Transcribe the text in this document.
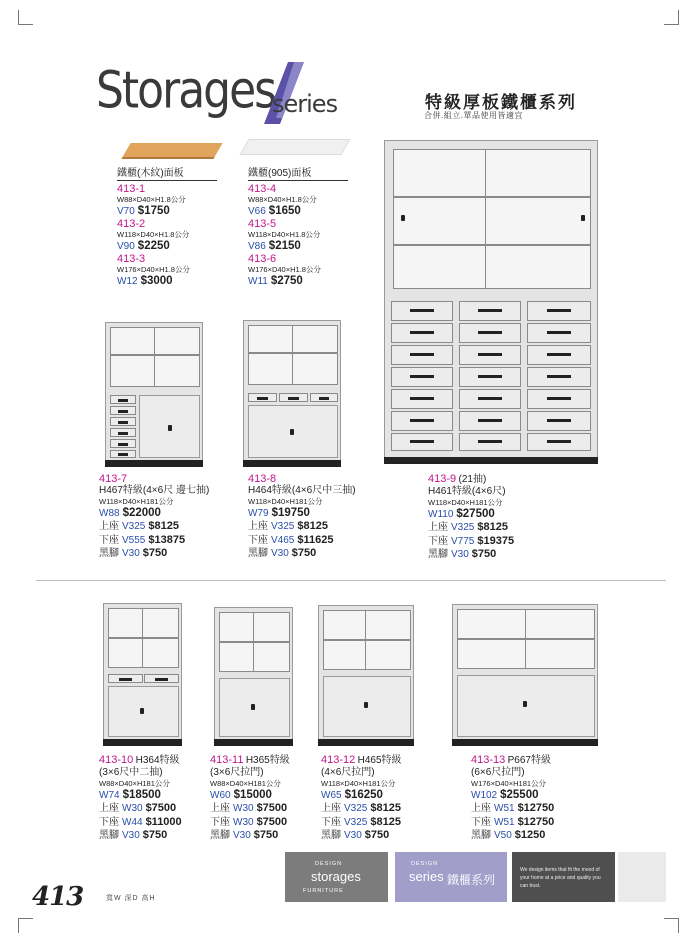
Storages
series	特級厚板鐵櫃系列
合併.組立.單品使用皆適宜
鐵櫃(木紋)面板
413-1
W88×D40×H1.8公分
V70 $1750
413-2
W118×D40×H1.8公分
V90 $2250
413-3
W176×D40×H1.8公分
W12 $3000
鐵櫃(905)面板
413-4
W88×D40×H1.8公分
V66 $1650
413-5
W118×D40×H1.8公分
V86 $2150
413-6
W176×D40×H1.8公分
W11 $2750
413-7
H467特級(4×6尺 邊七抽)
W118×D40×H181公分
W88 $22000
上座 V325 $8125
下座 V555 $13875
黑腳 V30 $750
413-8
H464特級(4×6尺中三抽)
W118×D40×H181公分
W79 $19750
上座 V325 $8125
下座 V465 $11625
黑腳 V30 $750
413-9 (21抽)
H461特級(4×6尺)
W118×D40×H181公分
W110 $27500
上座 V325 $8125
下座 V775 $19375
黑腳 V30 $750
413-10 H364特級
(3×6尺中二抽)
W88×D40×H181公分
W74 $18500
上座 W30 $7500
下座 W44 $11000
黑腳 V30 $750
413-11 H365特級
(3×6尺拉門)
W88×D40×H181公分
W60 $15000
上座 W30 $7500
下座 W30 $7500
黑腳 V30 $750
413-12 H465特級
(4×6尺拉門)
W118×D40×H181公分
W65 $16250
上座 V325 $8125
下座 V325 $8125
黑腳 V30 $750
413-13 P667特級
(6×6尺拉門)
W176×D40×H181公分
W102 $25500
上座 W51 $12750
下座 W51 $12750
黑腳 V50 $1250
413	寬W 深D 高H
DESIGN
storages
FURNITURE
DESIGN
series 鐵櫃系列
We design items that fit the mood of your home at a price and quality you can trust.
